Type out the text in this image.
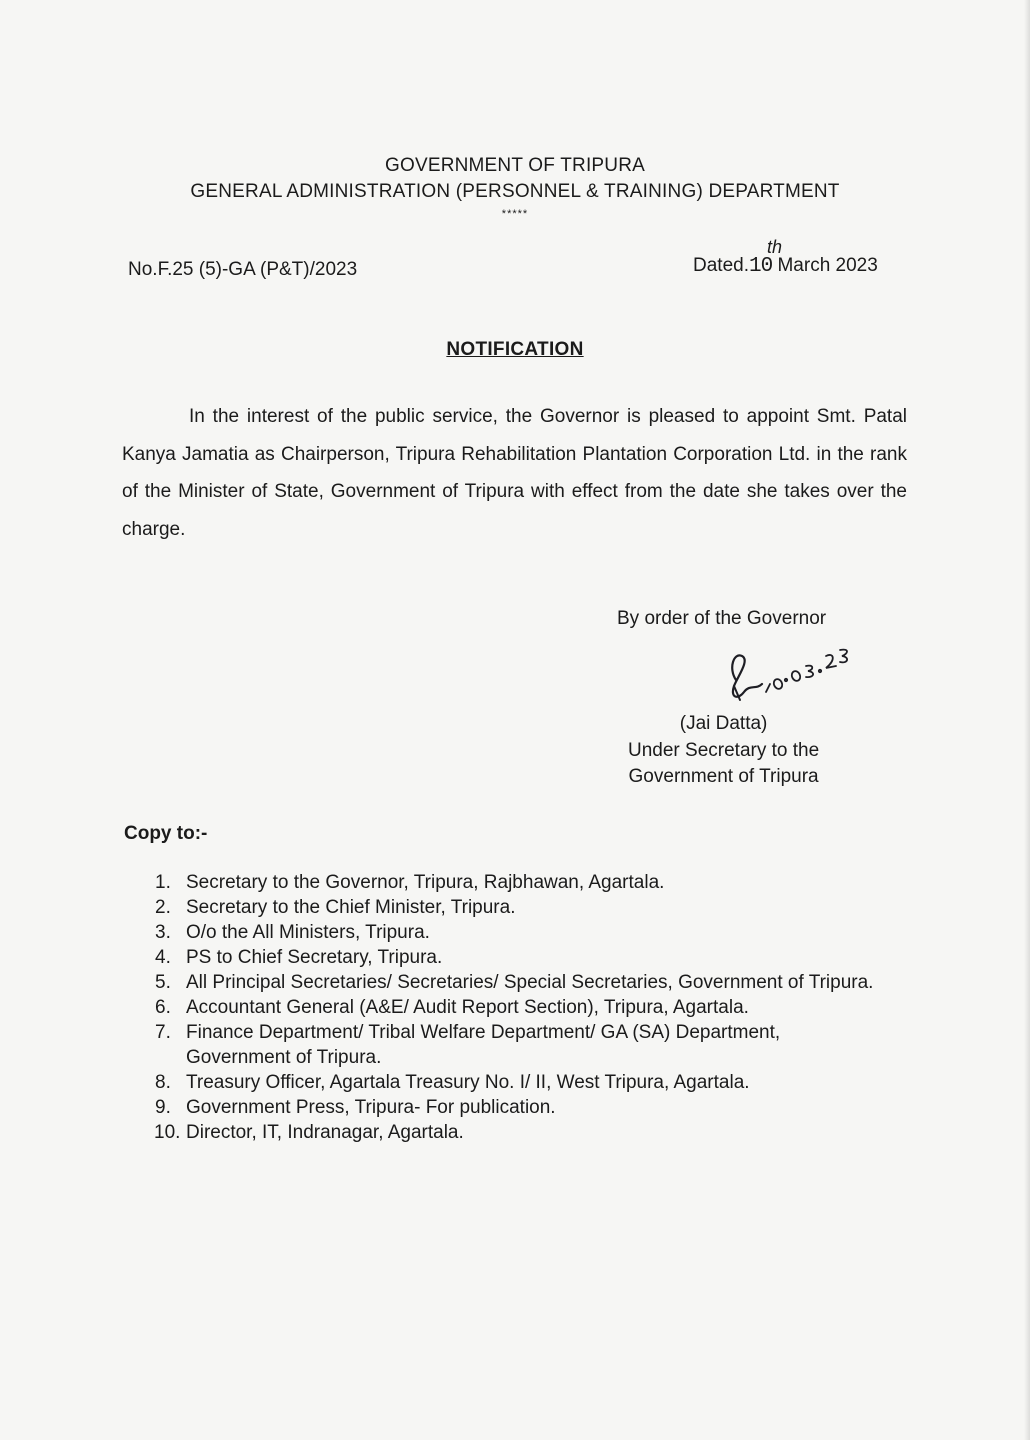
GOVERNMENT OF TRIPURA
GENERAL ADMINISTRATION (PERSONNEL & TRAINING) DEPARTMENT
*****
No.F.25 (5)-GA (P&T)/2023	Dated.10
th
March 2023
NOTIFICATION
In the interest of the public service, the Governor is pleased to appoint Smt. Patal Kanya Jamatia as Chairperson, Tripura Rehabilitation Plantation Corporation Ltd. in the rank of the Minister of State, Government of Tripura with effect from the date she takes over the charge.
By order of the Governor
(Jai Datta)
Under Secretary to the
Government of Tripura
Copy to:-
1. Secretary to the Governor, Tripura, Rajbhawan, Agartala.
2. Secretary to the Chief Minister, Tripura.
3. O/o the All Ministers, Tripura.
4. PS to Chief Secretary, Tripura.
5. All Principal Secretaries/ Secretaries/ Special Secretaries, Government of Tripura.
6. Accountant General (A&E/ Audit Report Section), Tripura, Agartala.
7. Finance Department/ Tribal Welfare Department/ GA (SA) Department, Government of Tripura.
8. Treasury Officer, Agartala Treasury No. I/ II, West Tripura, Agartala.
9. Government Press, Tripura- For publication.
10. Director, IT, Indranagar, Agartala.
